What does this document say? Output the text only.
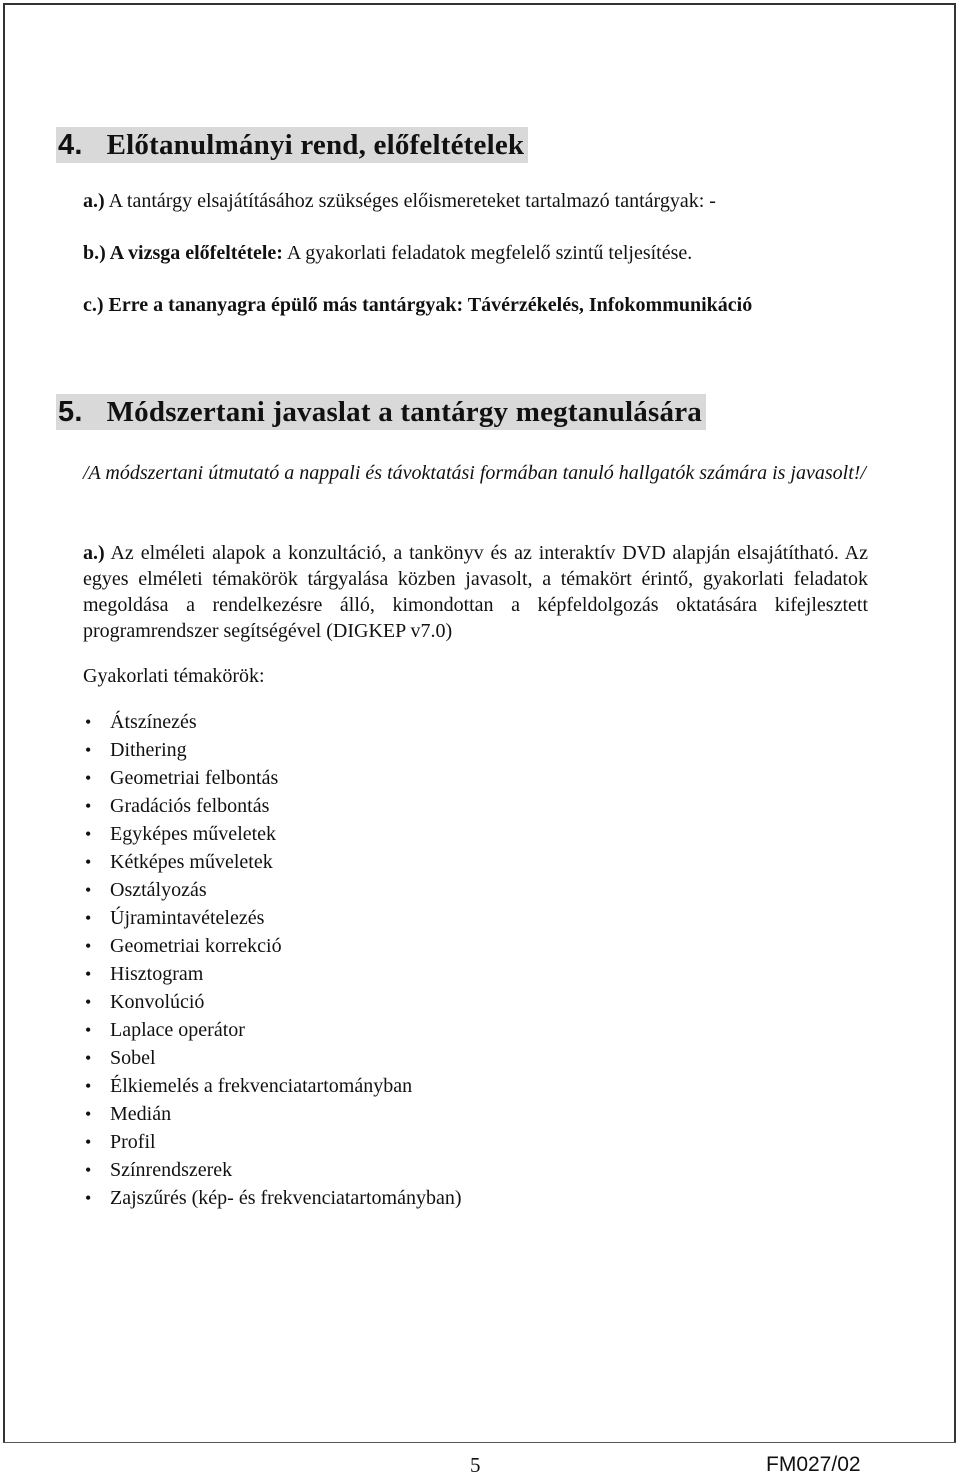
4. Előtanulmányi rend, előfeltételek
a.) A tantárgy elsajátításához szükséges előismereteket tartalmazó tantárgyak: -
b.) A vizsga előfeltétele: A gyakorlati feladatok megfelelő szintű teljesítése.
c.) Erre a tananyagra épülő más tantárgyak: Távérzékelés, Infokommunikáció
5. Módszertani javaslat a tantárgy megtanulására
/A módszertani útmutató a nappali és távoktatási formában tanuló hallgatók számára is javasolt!/
a.) Az elméleti alapok a konzultáció, a tankönyv és az interaktív DVD alapján elsajátítható. Az egyes elméleti témakörök tárgyalása közben javasolt, a témakört érintő, gyakorlati feladatok megoldása a rendelkezésre álló, kimondottan a képfeldolgozás oktatására kifejlesztett programrendszer segítségével (DIGKEP v7.0)
Gyakorlati témakörök:
• Átszínezés
• Dithering
• Geometriai felbontás
• Gradációs felbontás
• Egyképes műveletek
• Kétképes műveletek
• Osztályozás
• Újramintavételezés
• Geometriai korrekció
• Hisztogram
• Konvolúció
• Laplace operátor
• Sobel
• Élkiemelés a frekvenciatartományban
• Medián
• Profil
• Színrendszerek
• Zajszűrés (kép- és frekvenciatartományban)
5	FM027/02
